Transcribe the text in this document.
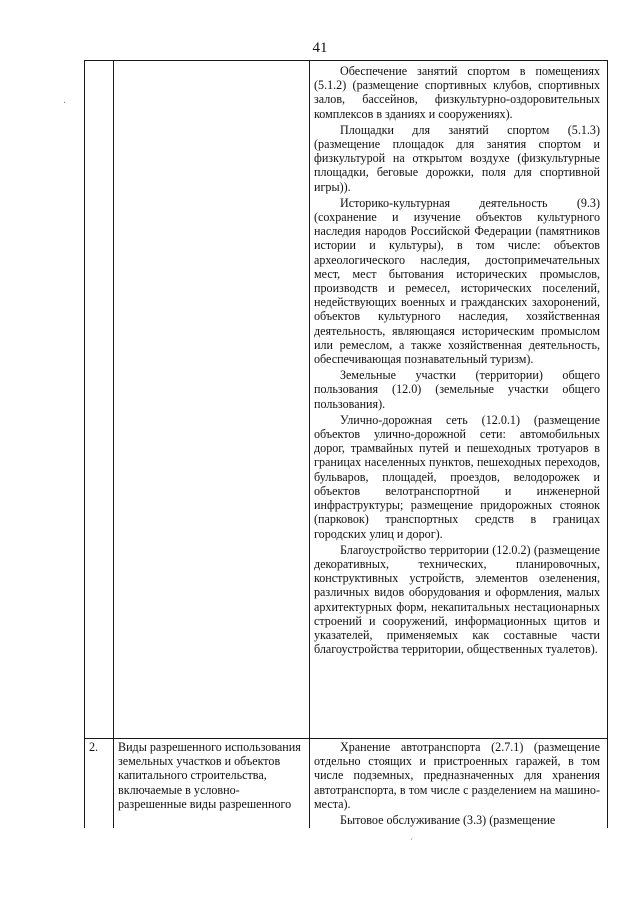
41

Обеспечение занятий спортом в помещениях (5.1.2) (размещение спортивных клубов, спортивных залов, бассейнов, физкультурно-оздоровительных комплексов в зданиях и сооружениях).

Площадки для занятий спортом (5.1.3) (размещение площадок для занятия спортом и физкультурой на открытом воздухе (физкультурные площадки, беговые дорожки, поля для спортивной игры)).

Историко-культурная деятельность (9.3) (сохранение и изучение объектов культурного наследия народов Российской Федерации (памятников истории и культуры), в том числе: объектов археологического наследия, достопримечательных мест, мест бытования исторических промыслов, производств и ремесел, исторических поселений, недействующих военных и гражданских захоронений, объектов культурного наследия, хозяйственная деятельность, являющаяся историческим промыслом или ремеслом, а также хозяйственная деятельность, обеспечивающая познавательный туризм).

Земельные участки (территории) общего пользования (12.0) (земельные участки общего пользования).

Улично-дорожная сеть (12.0.1) (размещение объектов улично-дорожной сети: автомобильных дорог, трамвайных путей и пешеходных тротуаров в границах населенных пунктов, пешеходных переходов, бульваров, площадей, проездов, велодорожек и объектов велотранспортной и инженерной инфраструктуры; размещение придорожных стоянок (парковок) транспортных средств в границах городских улиц и дорог).

Благоустройство территории (12.0.2) (размещение декоративных, технических, планировочных, конструктивных устройств, элементов озеленения, различных видов оборудования и оформления, малых архитектурных форм, некапитальных нестационарных строений и сооружений, информационных щитов и указателей, применяемых как составные части благоустройства территории, общественных туалетов).

2. Виды разрешенного использования земельных участков и объектов капитального строительства, включаемые в условно-разрешенные виды разрешенного

Хранение автотранспорта (2.7.1) (размещение отдельно стоящих и пристроенных гаражей, в том числе подземных, предназначенных для хранения автотранспорта, в том числе с разделением на машино-места).

Бытовое обслуживание (3.3) (размещение

·
ˊ
